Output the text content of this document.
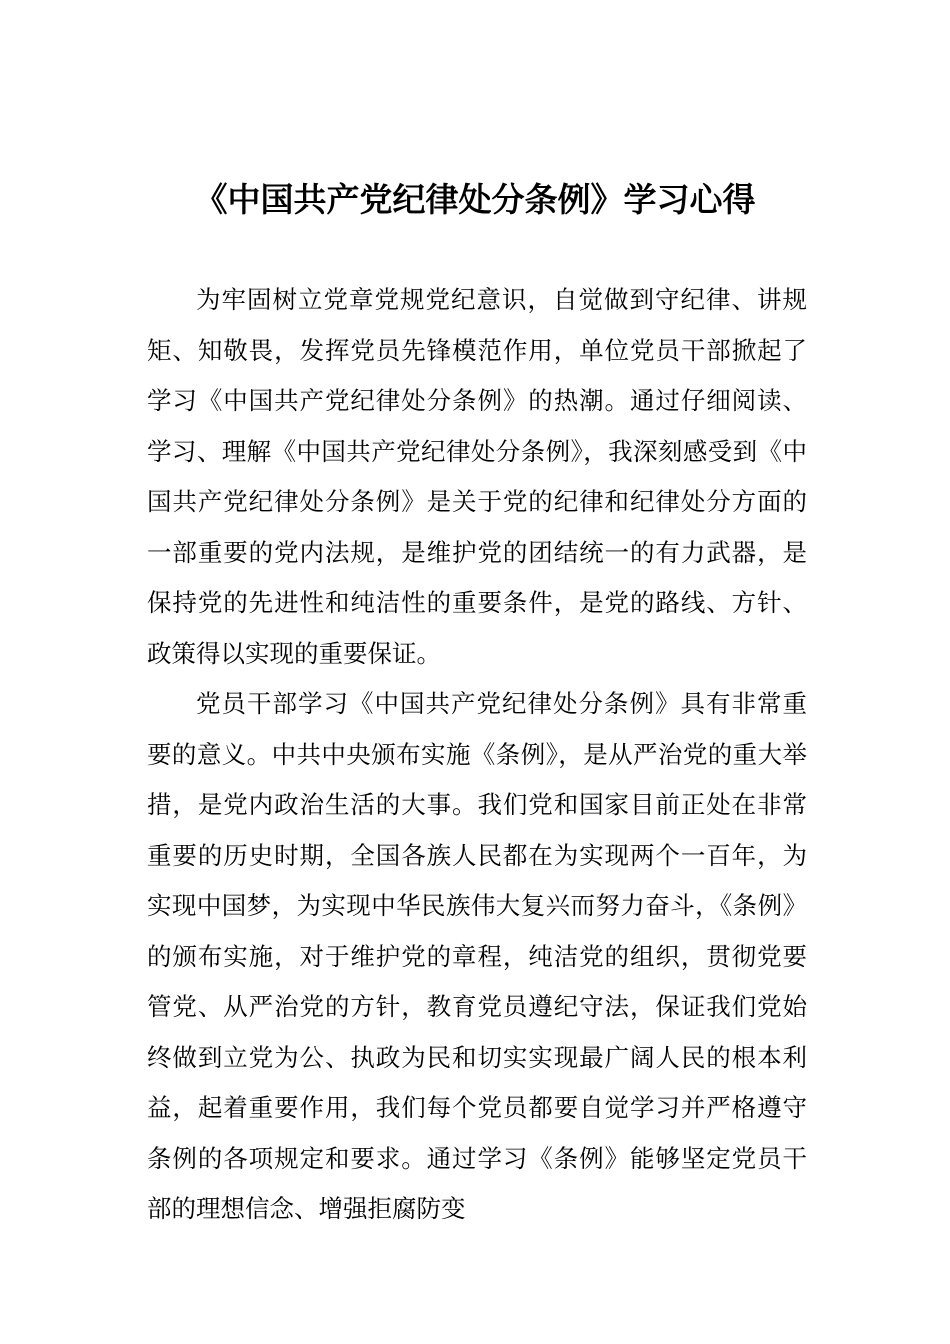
《中国共产党纪律处分条例》学习心得

为牢固树立党章党规党纪意识，自觉做到守纪律、讲规矩、知敬畏，发挥党员先锋模范作用，单位党员干部掀起了学习《中国共产党纪律处分条例》的热潮。通过仔细阅读、学习、理解《中国共产党纪律处分条例》，我深刻感受到《中国共产党纪律处分条例》是关于党的纪律和纪律处分方面的一部重要的党内法规，是维护党的团结统一的有力武器，是保持党的先进性和纯洁性的重要条件，是党的路线、方针、政策得以实现的重要保证。

党员干部学习《中国共产党纪律处分条例》具有非常重要的意义。中共中央颁布实施《条例》，是从严治党的重大举措，是党内政治生活的大事。我们党和国家目前正处在非常重要的历史时期，全国各族人民都在为实现两个一百年，为实现中国梦，为实现中华民族伟大复兴而努力奋斗，《条例》的颁布实施，对于维护党的章程，纯洁党的组织，贯彻党要管党、从严治党的方针，教育党员遵纪守法，保证我们党始终做到立党为公、执政为民和切实实现最广阔人民的根本利益，起着重要作用，我们每个党员都要自觉学习并严格遵守条例的各项规定和要求。通过学习《条例》能够坚定党员干部的理想信念、增强拒腐防变
